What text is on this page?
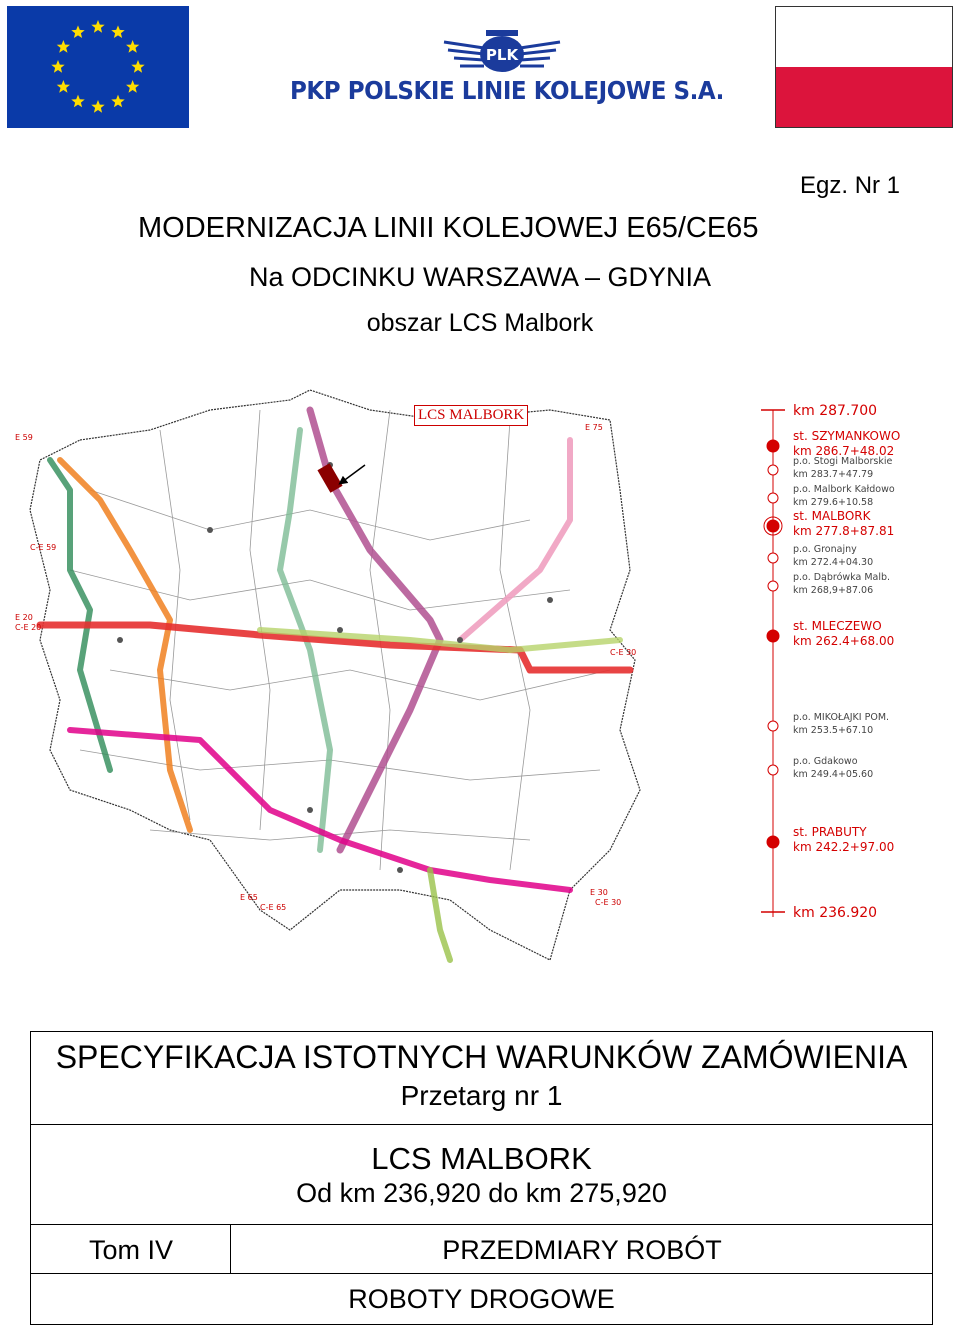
PLK
PKP POLSKIE LINIE KOLEJOWE S.A.
Egz. Nr 1
MODERNIZACJA LINII KOLEJOWEJ E65/CE65
Na ODCINKU WARSZAWA – GDYNIA
obszar LCS Malbork
E 59
C-E 59
E 20
C-E 20
E 65
C-E 65
E 30
C-E 30
E 75
C-E 30
LCS MALBORK	km 287.700
st. SZYMANKOWO
km 286.7+48.02
p.o. Stogi Malborskie
km 283.7+47.79
p.o. Malbork Kałdowo
km 279.6+10.58
st. MALBORK
km 277.8+87.81
p.o. Gronajny
km 272.4+04.30
p.o. Dąbrówka Malb.
km 268,9+87.06
st. MLECZEWO
km 262.4+68.00
p.o. MIKOŁAJKI POM.
km 253.5+67.10
p.o. Gdakowo
km 249.4+05.60
st. PRABUTY
km 242.2+97.00
km 236.920
SPECYFIKACJA ISTOTNYCH WARUNKÓW ZAMÓWIENIA
Przetarg nr 1
LCS MALBORK
Od km 236,920 do km 275,920
Tom IV	PRZEDMIARY ROBÓT
ROBOTY DROGOWE
